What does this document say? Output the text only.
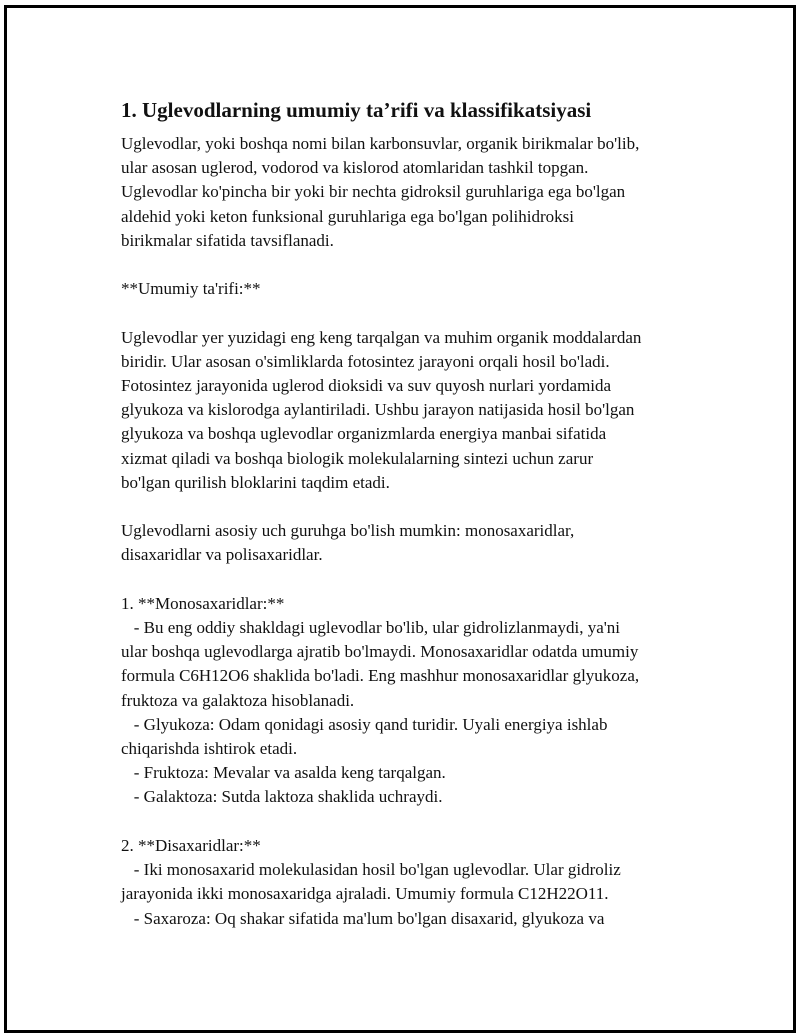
1. Uglevodlarning umumiy ta’rifi va klassifikatsiyasi

Uglevodlar, yoki boshqa nomi bilan karbonsuvlar, organik birikmalar bo'lib,
ular asosan uglerod, vodorod va kislorod atomlaridan tashkil topgan.
Uglevodlar ko'pincha bir yoki bir nechta gidroksil guruhlariga ega bo'lgan
aldehid yoki keton funksional guruhlariga ega bo'lgan polihidroksi
birikmalar sifatida tavsiflanadi.

**Umumiy ta'rifi:**

Uglevodlar yer yuzidagi eng keng tarqalgan va muhim organik moddalardan
biridir. Ular asosan o'simliklarda fotosintez jarayoni orqali hosil bo'ladi.
Fotosintez jarayonida uglerod dioksidi va suv quyosh nurlari yordamida
glyukoza va kislorodga aylantiriladi. Ushbu jarayon natijasida hosil bo'lgan
glyukoza va boshqa uglevodlar organizmlarda energiya manbai sifatida
xizmat qiladi va boshqa biologik molekulalarning sintezi uchun zarur
bo'lgan qurilish bloklarini taqdim etadi.

Uglevodlarni asosiy uch guruhga bo'lish mumkin: monosaxaridlar,
disaxaridlar va polisaxaridlar.

1. **Monosaxaridlar:**
- Bu eng oddiy shakldagi uglevodlar bo'lib, ular gidrolizlanmaydi, ya'ni
ular boshqa uglevodlarga ajratib bo'lmaydi. Monosaxaridlar odatda umumiy
formula C6H12O6 shaklida bo'ladi. Eng mashhur monosaxaridlar glyukoza,
fruktoza va galaktoza hisoblanadi.
- Glyukoza: Odam qonidagi asosiy qand turidir. Uyali energiya ishlab
chiqarishda ishtirok etadi.
- Fruktoza: Mevalar va asalda keng tarqalgan.
- Galaktoza: Sutda laktoza shaklida uchraydi.

2. **Disaxaridlar:**
- Iki monosaxarid molekulasidan hosil bo'lgan uglevodlar. Ular gidroliz
jarayonida ikki monosaxaridga ajraladi. Umumiy formula C12H22O11.
- Saxaroza: Oq shakar sifatida ma'lum bo'lgan disaxarid, glyukoza va
